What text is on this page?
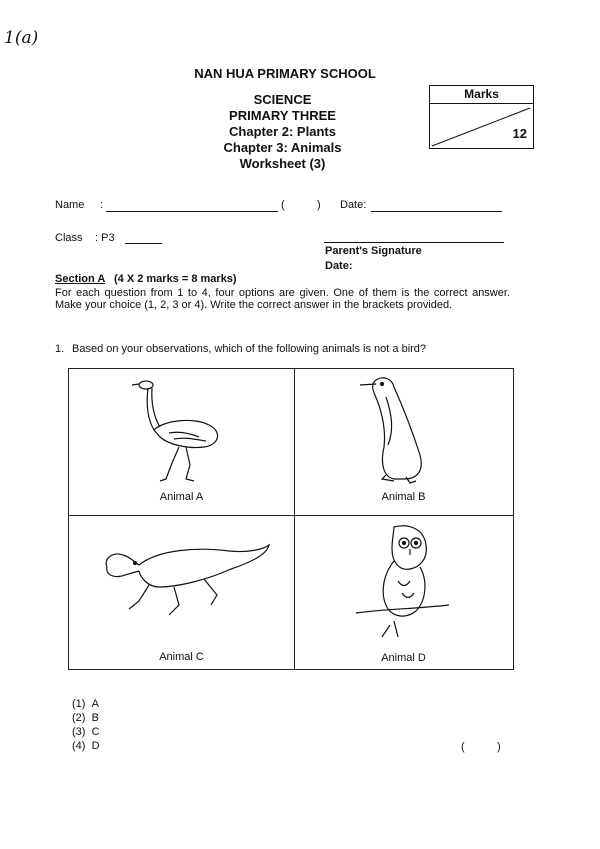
1(a)
NAN HUA PRIMARY SCHOOL
SCIENCE
PRIMARY THREE
Chapter 2: Plants
Chapter 3: Animals
Worksheet (3)
Marks
12
Name :	(	) Date:
Class : P3
Parent's Signature
Date:
Section A (4 X 2 marks = 8 marks)
For each question from 1 to 4, four options are given. One of them is the correct answer. Make your choice (1, 2, 3 or 4). Write the correct answer in the brackets provided.
1. Based on your observations, which of the following animals is not a bird?
Animal A	Animal B
Animal C	Animal D
(1) A
(2) B
(3) C
(4) D	(	)
